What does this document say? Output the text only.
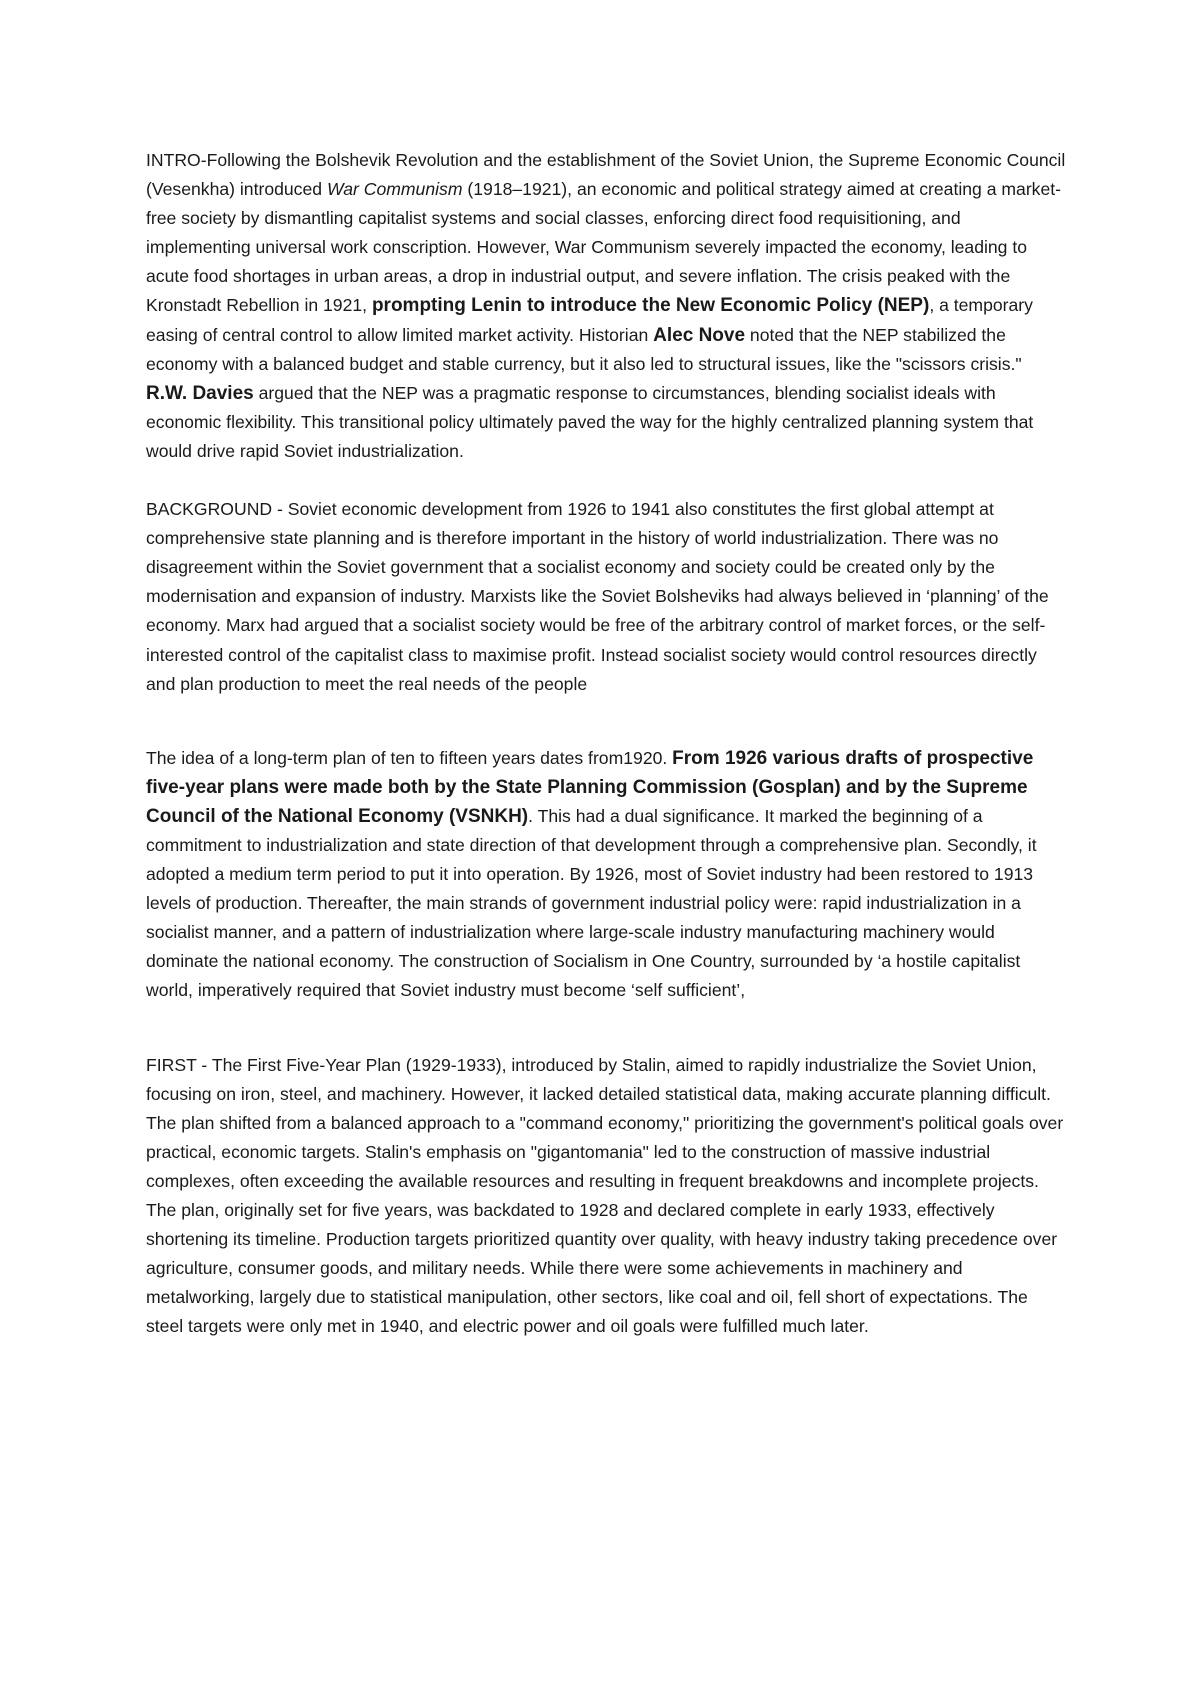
INTRO-Following the Bolshevik Revolution and the establishment of the Soviet Union, the Supreme Economic Council (Vesenkha) introduced War Communism (1918–1921), an economic and political strategy aimed at creating a market-free society by dismantling capitalist systems and social classes, enforcing direct food requisitioning, and implementing universal work conscription. However, War Communism severely impacted the economy, leading to acute food shortages in urban areas, a drop in industrial output, and severe inflation. The crisis peaked with the Kronstadt Rebellion in 1921, prompting Lenin to introduce the New Economic Policy (NEP), a temporary easing of central control to allow limited market activity. Historian Alec Nove noted that the NEP stabilized the economy with a balanced budget and stable currency, but it also led to structural issues, like the "scissors crisis." R.W. Davies argued that the NEP was a pragmatic response to circumstances, blending socialist ideals with economic flexibility. This transitional policy ultimately paved the way for the highly centralized planning system that would drive rapid Soviet industrialization.

BACKGROUND - Soviet economic development from 1926 to 1941 also constitutes the first global attempt at comprehensive state planning and is therefore important in the history of world industrialization. There was no disagreement within the Soviet government that a socialist economy and society could be created only by the modernisation and expansion of industry. Marxists like the Soviet Bolsheviks had always believed in ‘planning’ of the economy. Marx had argued that a socialist society would be free of the arbitrary control of market forces, or the self-interested control of the capitalist class to maximise profit. Instead socialist society would control resources directly and plan production to meet the real needs of the people

The idea of a long-term plan of ten to fifteen years dates from1920. From 1926 various drafts of prospective five-year plans were made both by the State Planning Commission (Gosplan) and by the Supreme Council of the National Economy (VSNKH). This had a dual significance. It marked the beginning of a commitment to industrialization and state direction of that development through a comprehensive plan. Secondly, it adopted a medium term period to put it into operation. By 1926, most of Soviet industry had been restored to 1913 levels of production. Thereafter, the main strands of government industrial policy were: rapid industrialization in a socialist manner, and a pattern of industrialization where large-scale industry manufacturing machinery would dominate the national economy. The construction of Socialism in One Country, surrounded by ‘a hostile capitalist world, imperatively required that Soviet industry must become ‘self sufficient’,

FIRST - The First Five-Year Plan (1929-1933), introduced by Stalin, aimed to rapidly industrialize the Soviet Union, focusing on iron, steel, and machinery. However, it lacked detailed statistical data, making accurate planning difficult. The plan shifted from a balanced approach to a "command economy," prioritizing the government's political goals over practical, economic targets. Stalin's emphasis on "gigantomania" led to the construction of massive industrial complexes, often exceeding the available resources and resulting in frequent breakdowns and incomplete projects. The plan, originally set for five years, was backdated to 1928 and declared complete in early 1933, effectively shortening its timeline. Production targets prioritized quantity over quality, with heavy industry taking precedence over agriculture, consumer goods, and military needs. While there were some achievements in machinery and metalworking, largely due to statistical manipulation, other sectors, like coal and oil, fell short of expectations. The steel targets were only met in 1940, and electric power and oil goals were fulfilled much later.
